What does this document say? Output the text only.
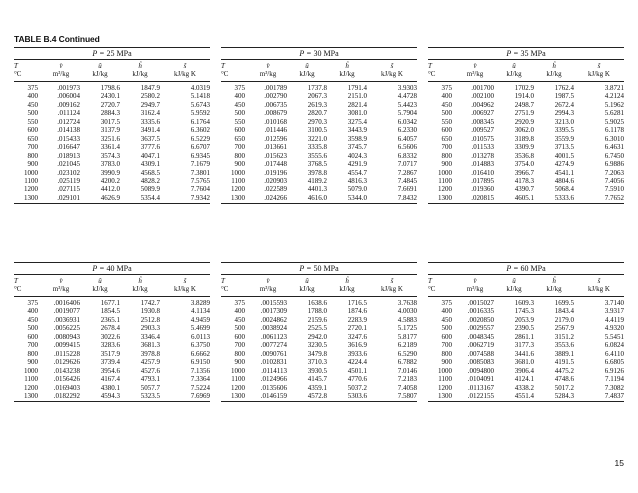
TABLE B.4 Continued
P = 25 MPa
T	v̂	û	ĥ	ŝ
°C	m³/kg	kJ/kg	kJ/kg	kJ/kg K
375	.001973	1798.6	1847.9	4.0319
400	.006004	2430.1	2580.2	5.1418
450	.009162	2720.7	2949.7	5.6743
500	.011124	2884.3	3162.4	5.9592
550	.012724	3017.5	3335.6	6.1764
600	.014138	3137.9	3491.4	6.3602
650	.015433	3251.6	3637.5	6.5229
700	.016647	3361.4	3777.6	6.6707
800	.018913	3574.3	4047.1	6.9345
900	.021045	3783.0	4309.1	7.1679
1000	.023102	3990.9	4568.5	7.3801
1100	.025119	4200.2	4828.2	7.5765
1200	.027115	4412.0	5089.9	7.7604
1300	.029101	4626.9	5354.4	7.9342
P = 30 MPa
T	v̂	û	ĥ	ŝ
°C	m³/kg	kJ/kg	kJ/kg	kJ/kg K
375	.001789	1737.8	1791.4	3.9303
400	.002790	2067.3	2151.0	4.4728
450	.006735	2619.3	2821.4	5.4423
500	.008679	2820.7	3081.0	5.7904
550	.010168	2970.3	3275.4	6.0342
600	.011446	3100.5	3443.9	6.2330
650	.012596	3221.0	3598.9	6.4057
700	.013661	3335.8	3745.7	6.5606
800	.015623	3555.6	4024.3	6.8332
900	.017448	3768.5	4291.9	7.0717
1000	.019196	3978.8	4554.7	7.2867
1100	.020903	4189.2	4816.3	7.4845
1200	.022589	4401.3	5079.0	7.6691
1300	.024266	4616.0	5344.0	7.8432
P = 35 MPa
T	v̂	û	ĥ	ŝ
°C	m³/kg	kJ/kg	kJ/kg	kJ/kg K
375	.001700	1702.9	1762.4	3.8721
400	.002100	1914.0	1987.5	4.2124
450	.004962	2498.7	2672.4	5.1962
500	.006927	2751.9	2994.3	5.6281
550	.008345	2920.9	3213.0	5.9025
600	.009527	3062.0	3395.5	6.1178
650	.010575	3189.8	3559.9	6.3010
700	.011533	3309.9	3713.5	6.4631
800	.013278	3536.8	4001.5	6.7450
900	.014883	3754.0	4274.9	6.9886
1000	.016410	3966.7	4541.1	7.2063
1100	.017895	4178.3	4804.6	7.4056
1200	.019360	4390.7	5068.4	7.5910
1300	.020815	4605.1	5333.6	7.7652
P = 40 MPa
T	v̂	û	ĥ	ŝ
°C	m³/kg	kJ/kg	kJ/kg	kJ/kg K
375	.0016406	1677.1	1742.7	3.8289
400	.0019077	1854.5	1930.8	4.1134
450	.0036931	2365.1	2512.8	4.9459
500	.0056225	2678.4	2903.3	5.4699
600	.0080943	3022.6	3346.4	6.0113
700	.0099415	3283.6	3681.3	6.3750
800	.0115228	3517.9	3978.8	6.6662
900	.0129626	3739.4	4257.9	6.9150
1000	.0143238	3954.6	4527.6	7.1356
1100	.0156426	4167.4	4793.1	7.3364
1200	.0169403	4380.1	5057.7	7.5224
1300	.0182292	4594.3	5323.5	7.6969
P = 50 MPa
T	v̂	û	ĥ	ŝ
°C	m³/kg	kJ/kg	kJ/kg	kJ/kg K
375	.0015593	1638.6	1716.5	3.7638
400	.0017309	1788.0	1874.6	4.0030
450	.0024862	2159.6	2283.9	4.5883
500	.0038924	2525.5	2720.1	5.1725
600	.0061123	2942.0	3247.6	5.8177
700	.0077274	3230.5	3616.9	6.2189
800	.0090761	3479.8	3933.6	6.5290
900	.0102831	3710.3	4224.4	6.7882
1000	.0114113	3930.5	4501.1	7.0146
1100	.0124966	4145.7	4770.6	7.2183
1200	.0135606	4359.1	5037.2	7.4058
1300	.0146159	4572.8	5303.6	7.5807
P = 60 MPa
T	v̂	û	ĥ	ŝ
°C	m³/kg	kJ/kg	kJ/kg	kJ/kg K
375	.0015027	1609.3	1699.5	3.7140
400	.0016335	1745.3	1843.4	3.9317
450	.0020850	2053.9	2179.0	4.4119
500	.0029557	2390.5	2567.9	4.9320
600	.0048345	2861.1	3151.2	5.5451
700	.0062719	3177.3	3553.6	6.0824
800	.0074588	3441.6	3889.1	6.4110
900	.0085083	3681.0	4191.5	6.6805
1000	.0094800	3906.4	4475.2	6.9126
1100	.0104091	4124.1	4748.6	7.1194
1200	.0113167	4338.2	5017.2	7.3082
1300	.0122155	4551.4	5284.3	7.4837
15
